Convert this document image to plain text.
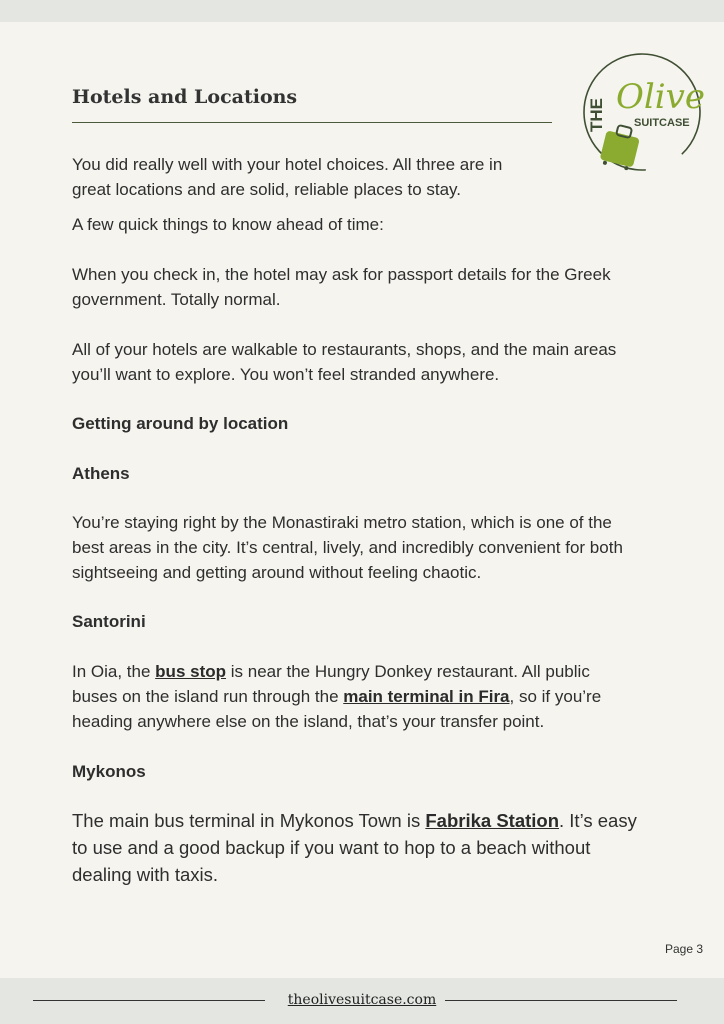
Hotels and Locations
THE Olive
SUITCASE

You did really well with your hotel choices. All three are in
great locations and are solid, reliable places to stay.

A few quick things to know ahead of time:

When you check in, the hotel may ask for passport details for the Greek
government. Totally normal.

All of your hotels are walkable to restaurants, shops, and the main areas
you’ll want to explore. You won’t feel stranded anywhere.

Getting around by location

Athens

You’re staying right by the Monastiraki metro station, which is one of the
best areas in the city. It’s central, lively, and incredibly convenient for both
sightseeing and getting around without feeling chaotic.

Santorini

In Oia, the bus stop is near the Hungry Donkey restaurant. All public
buses on the island run through the main terminal in Fira, so if you’re
heading anywhere else on the island, that’s your transfer point.

Mykonos

The main bus terminal in Mykonos Town is Fabrika Station. It’s easy
to use and a good backup if you want to hop to a beach without
dealing with taxis.

Page 3
theolivesuitcase.com
